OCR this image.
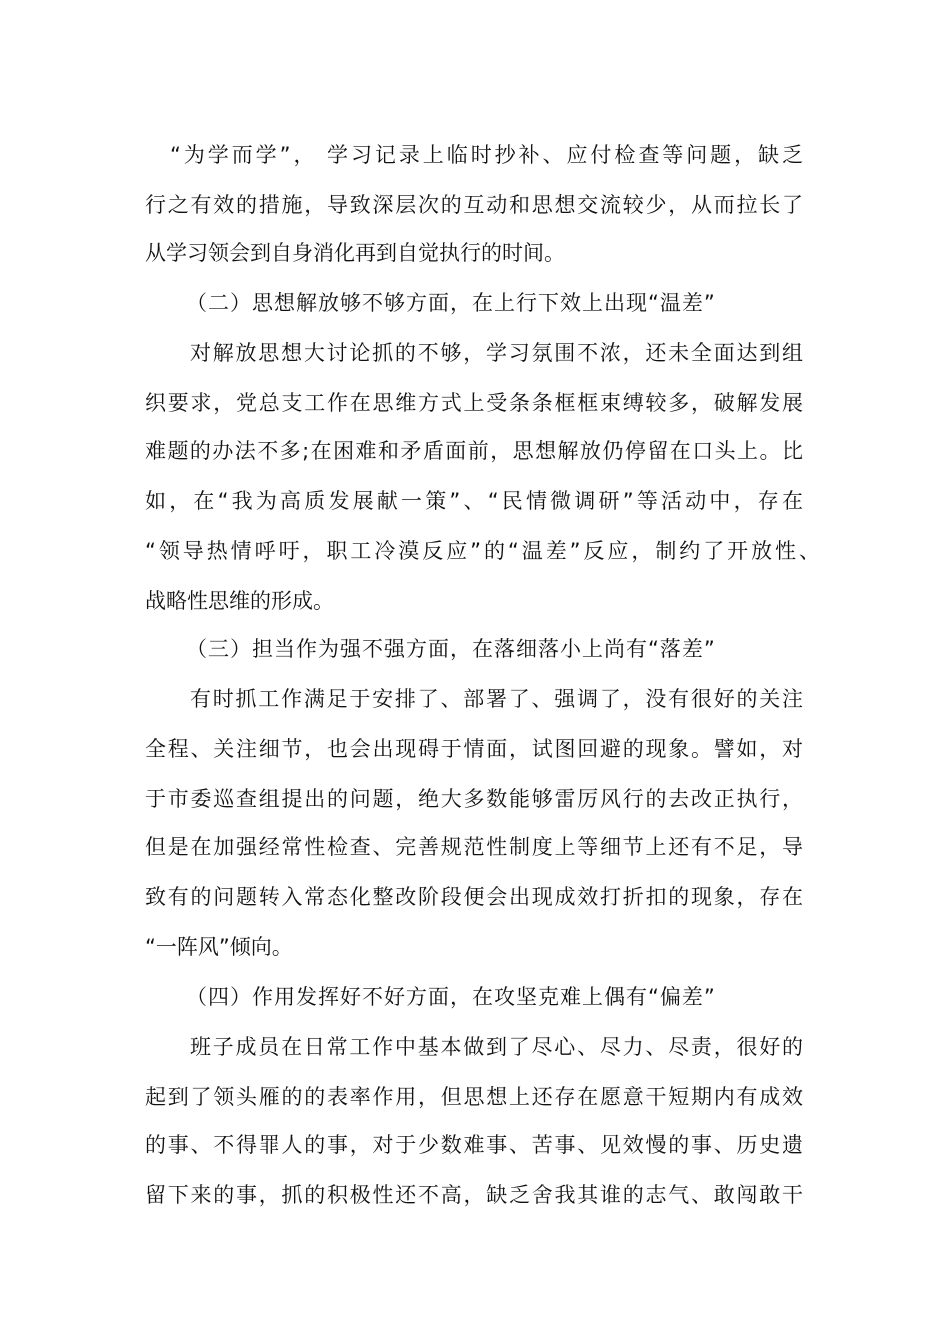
“为学而学”， 学习记录上临时抄补、应付检查等问题，缺乏
行之有效的措施，导致深层次的互动和思想交流较少，从而拉长了
从学习领会到自身消化再到自觉执行的时间。
（二）思想解放够不够方面，在上行下效上出现“温差”
对解放思想大讨论抓的不够，学习氛围不浓，还未全面达到组
织要求，党总支工作在思维方式上受条条框框束缚较多，破解发展
难题的办法不多;在困难和矛盾面前，思想解放仍停留在口头上。比
如，在“我为高质发展献一策”、“民情微调研”等活动中，存在
“领导热情呼吁，职工冷漠反应”的“温差”反应，制约了开放性、
战略性思维的形成。
（三）担当作为强不强方面，在落细落小上尚有“落差”
有时抓工作满足于安排了、部署了、强调了，没有很好的关注
全程、关注细节，也会出现碍于情面，试图回避的现象。譬如，对
于市委巡查组提出的问题，绝大多数能够雷厉风行的去改正执行，
但是在加强经常性检查、完善规范性制度上等细节上还有不足，导
致有的问题转入常态化整改阶段便会出现成效打折扣的现象，存在
“一阵风”倾向。
（四）作用发挥好不好方面，在攻坚克难上偶有“偏差”
班子成员在日常工作中基本做到了尽心、尽力、尽责，很好的
起到了领头雁的的表率作用，但思想上还存在愿意干短期内有成效
的事、不得罪人的事，对于少数难事、苦事、见效慢的事、历史遗
留下来的事，抓的积极性还不高，缺乏舍我其谁的志气、敢闯敢干
